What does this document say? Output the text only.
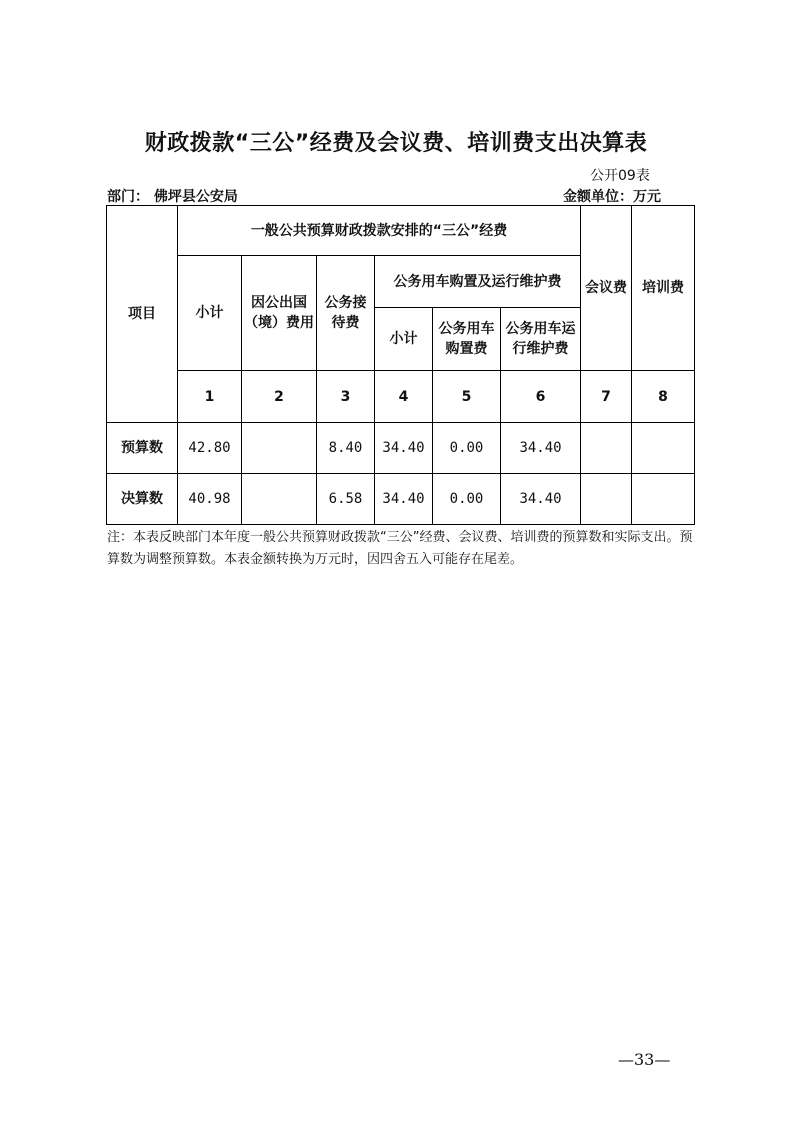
财政拨款“三公”经费及会议费、培训费支出决算表
公开09表
部门： 佛坪县公安局	金额单位：万元
项目	一般公共预算财政拨款安排的“三公”经费						会议费	培训费
	小计	因公出国（境）费用	公务接待费	公务用车购置及运行维护费				
				小计	公务用车购置费	公务用车运行维护费		
	1	2	3	4	5	6	7	8
预算数	42.80		8.40	34.40	0.00	34.40		
决算数	40.98		6.58	34.40	0.00	34.40		
注：本表反映部门本年度一般公共预算财政拨款“三公”经费、会议费、培训费的预算数和实际支出。预算数为调整预算数。本表金额转换为万元时，因四舍五入可能存在尾差。
—33—
